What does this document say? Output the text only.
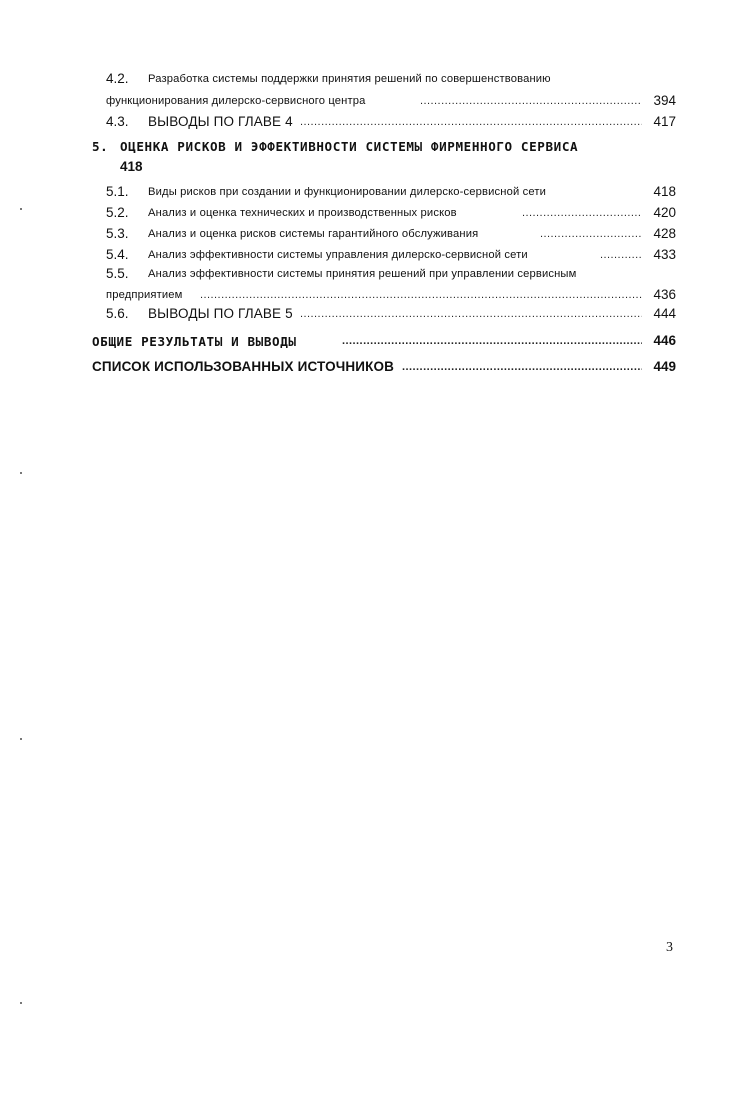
4.2. Разработка системы поддержки принятия решений по совершенствованию
функционирования дилерско-сервисного центра . . .	394
4.3. ВЫВОДЫ ПО ГЛАВЕ 4 . . .	417
5. ОЦЕНКА РИСКОВ И ЭФФЕКТИВНОСТИ СИСТЕМЫ ФИРМЕННОГО СЕРВИСА
418
5.1. Виды рисков при создании и функционировании дилерско-сервисной сети	418
5.2. Анализ и оценка технических и производственных рисков . . .	420
5.3. Анализ и оценка рисков системы гарантийного обслуживания . . .	428
5.4. Анализ эффективности системы управления дилерско-сервисной сети . . .	433
5.5. Анализ эффективности системы принятия решений при управлении сервисным
предприятием . . .	436
5.6. ВЫВОДЫ ПО ГЛАВЕ 5 . . .	444
ОБЩИЕ РЕЗУЛЬТАТЫ И ВЫВОДЫ . . .	446
СПИСОК ИСПОЛЬЗОВАННЫХ ИСТОЧНИКОВ . . .	449
3
